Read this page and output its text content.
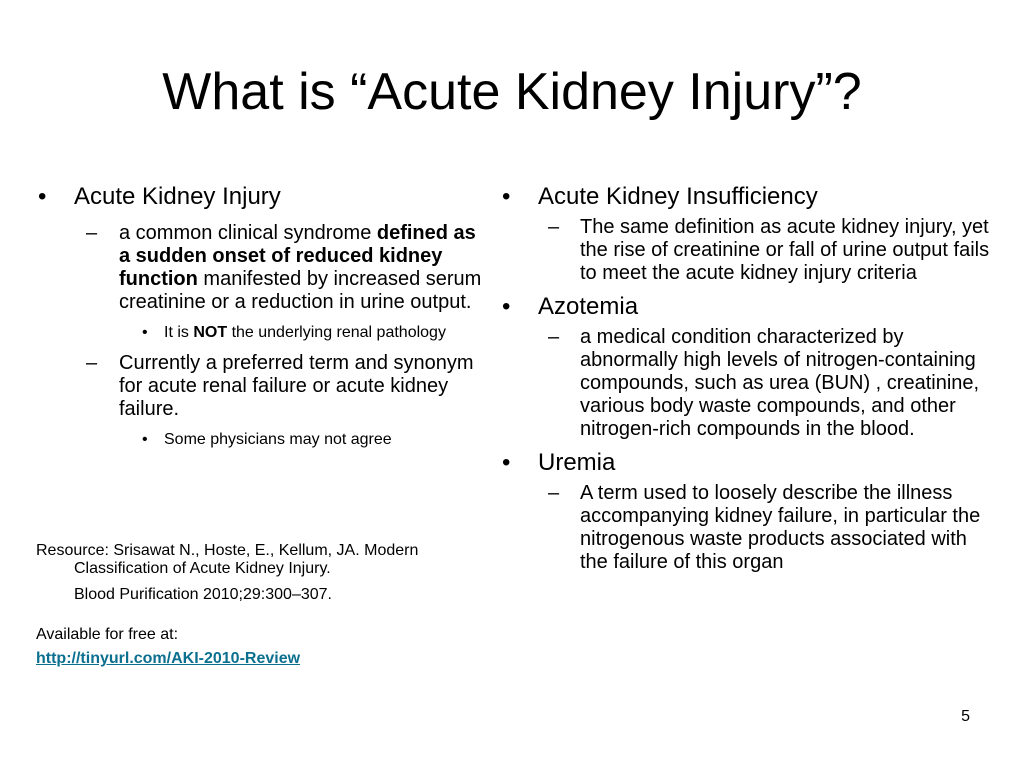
What is “Acute Kidney Injury”?
• Acute Kidney Injury
– a common clinical syndrome defined as a sudden onset of reduced kidney function manifested by increased serum creatinine or a reduction in urine output.
• It is NOT the underlying renal pathology
– Currently a preferred term and synonym for acute renal failure or acute kidney failure.
• Some physicians may not agree
Resource: Srisawat N., Hoste, E., Kellum, JA. Modern Classification of Acute Kidney Injury.
Blood Purification 2010;29:300–307.
Available for free at:
http://tinyurl.com/AKI-2010-Review
• Acute Kidney Insufficiency
– The same definition as acute kidney injury, yet the rise of creatinine or fall of urine output fails to meet the acute kidney injury criteria
• Azotemia
– a medical condition characterized by abnormally high levels of nitrogen-containing compounds, such as urea (BUN) , creatinine, various body waste compounds, and other nitrogen-rich compounds in the blood.
• Uremia
– A term used to loosely describe the illness accompanying kidney failure, in particular the nitrogenous waste products associated with the failure of this organ
5
